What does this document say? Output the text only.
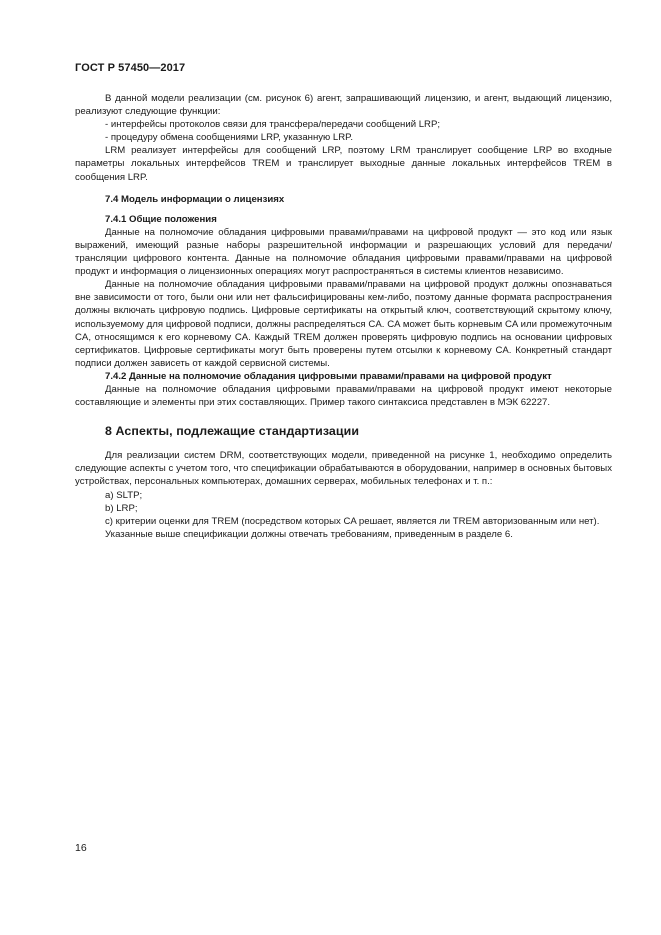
ГОСТ Р 57450—2017

В данной модели реализации (см. рисунок 6) агент, запрашивающий лицензию, и агент, выдающий лицензию, реализуют следующие функции:

- интерфейсы протоколов связи для трансфера/передачи сообщений LRP;

- процедуру обмена сообщениями LRP, указанную LRP.

LRM реализует интерфейсы для сообщений LRP, поэтому LRM транслирует сообщение LRP во входные параметры локальных интерфейсов TREM и транслирует выходные данные локальных интерфейсов TREM в сообщения LRP.

7.4 Модель информации о лицензиях

7.4.1 Общие положения

Данные на полномочие обладания цифровыми правами/правами на цифровой продукт — это код или язык выражений, имеющий разные наборы разрешительной информации и разрешающих условий для передачи/трансляции цифрового контента. Данные на полномочие обладания цифровыми правами/правами на цифровой продукт и информация о лицензионных операциях могут распространяться в системы клиентов независимо.

Данные на полномочие обладания цифровыми правами/правами на цифровой продукт должны опознаваться вне зависимости от того, были они или нет фальсифицированы кем-либо, поэтому данные формата распространения должны включать цифровую подпись. Цифровые сертификаты на открытый ключ, соответствующий скрытому ключу, используемому для цифровой подписи, должны распределяться CA. CA может быть корневым CA или промежуточным CA, относящимся к его корневому CA. Каждый TREM должен проверять цифровую подпись на основании цифровых сертификатов. Цифровые сертификаты могут быть проверены путем отсылки к корневому CA. Конкретный стандарт подписи должен зависеть от каждой сервисной системы.

7.4.2 Данные на полномочие обладания цифровыми правами/правами на цифровой продукт

Данные на полномочие обладания цифровыми правами/правами на цифровой продукт имеют некоторые составляющие и элементы при этих составляющих. Пример такого синтаксиса представлен в МЭК 62227.

8 Аспекты, подлежащие стандартизации

Для реализации систем DRM, соответствующих модели, приведенной на рисунке 1, необходимо определить следующие аспекты с учетом того, что спецификации обрабатываются в оборудовании, например в основных бытовых устройствах, персональных компьютерах, домашних серверах, мобильных телефонах и т. п.:

a) SLTP;

b) LRP;

c) критерии оценки для TREM (посредством которых CA решает, является ли TREM авторизованным или нет).

Указанные выше спецификации должны отвечать требованиям, приведенным в разделе 6.

16
